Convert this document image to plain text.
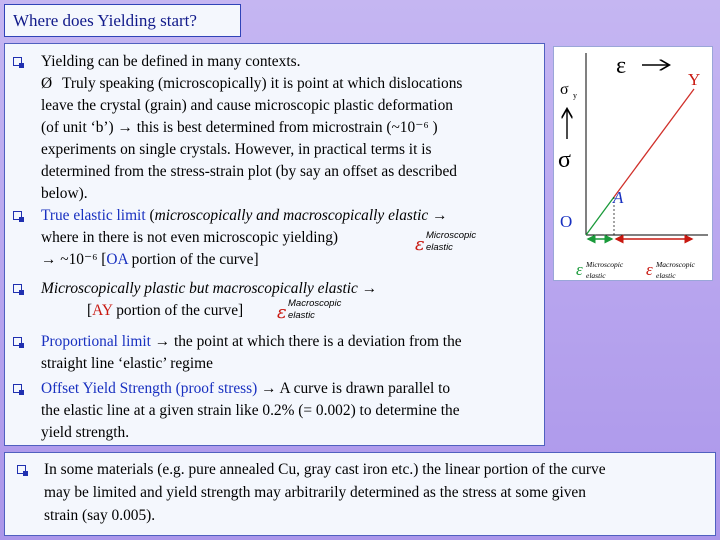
Where does Yielding start?
Yielding can be defined in many contexts.
Ø Truly speaking (microscopically) it is point at which dislocations
leave the crystal (grain) and cause microscopic plastic deformation
(of unit ‘b’) → this is best determined from microstrain (~10⁻⁶ )
experiments on single crystals. However, in practical terms it is
determined from the stress-strain plot (by say an offset as described
below).
True elastic limit (microscopically and macroscopically elastic →
where in there is not even microscopic yielding)
→ ~10⁻⁶ [OA portion of the curve]
ε Microscopic
elastic
Microscopically plastic but macroscopically elastic →
[AY portion of the curve] ε Macroscopic
elastic
Proportional limit → the point at which there is a deviation from the
straight line ‘elastic’ regime
Offset Yield Strength (proof stress) → A curve is drawn parallel to
the elastic line at a given strain like 0.2% (= 0.002) to determine the
yield strength.
ε
σ y
σ
Y
A
O
ε Microscopic
elastic ε Macroscopic
elastic
In some materials (e.g. pure annealed Cu, gray cast iron etc.) the linear portion of the curve
may be limited and yield strength may arbitrarily determined as the stress at some given
strain (say 0.005).
